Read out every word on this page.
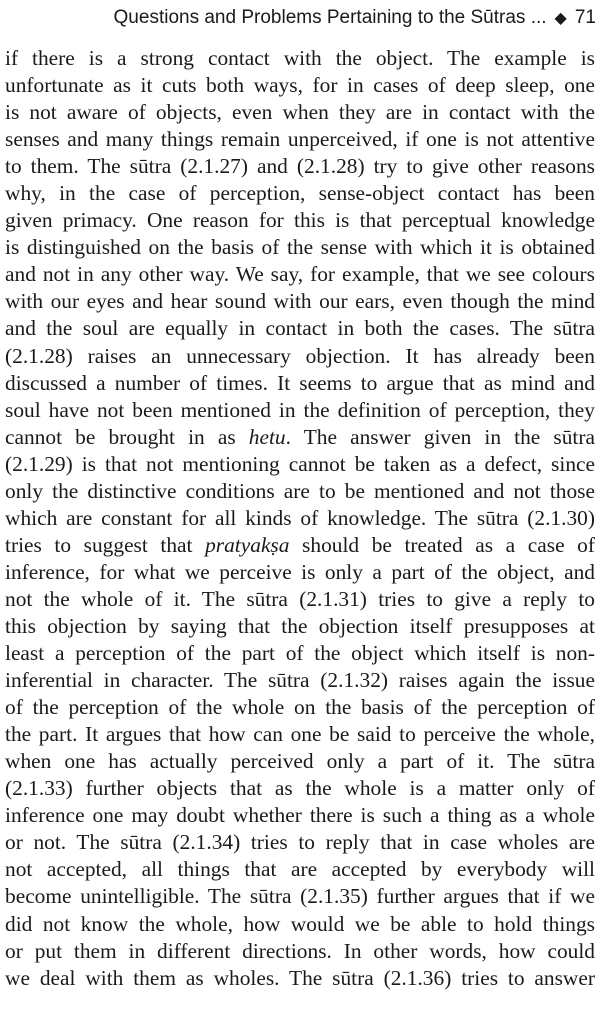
Questions and Problems Pertaining to the Sūtras ... ◆ 71
if there is a strong contact with the object. The example is
unfortunate as it cuts both ways, for in cases of deep sleep, one
is not aware of objects, even when they are in contact with the
senses and many things remain unperceived, if one is not attentive
to them. The sūtra (2.1.27) and (2.1.28) try to give other reasons
why, in the case of perception, sense-object contact has been
given primacy. One reason for this is that perceptual knowledge
is distinguished on the basis of the sense with which it is obtained
and not in any other way. We say, for example, that we see colours
with our eyes and hear sound with our ears, even though the mind
and the soul are equally in contact in both the cases. The sūtra
(2.1.28) raises an unnecessary objection. It has already been
discussed a number of times. It seems to argue that as mind and
soul have not been mentioned in the definition of perception, they
cannot be brought in as hetu. The answer given in the sūtra
(2.1.29) is that not mentioning cannot be taken as a defect, since
only the distinctive conditions are to be mentioned and not those
which are constant for all kinds of knowledge. The sūtra (2.1.30)
tries to suggest that pratyakṣa should be treated as a case of
inference, for what we perceive is only a part of the object, and
not the whole of it. The sūtra (2.1.31) tries to give a reply to
this objection by saying that the objection itself presupposes at
least a perception of the part of the object which itself is non-
inferential in character. The sūtra (2.1.32) raises again the issue
of the perception of the whole on the basis of the perception of
the part. It argues that how can one be said to perceive the whole,
when one has actually perceived only a part of it. The sūtra
(2.1.33) further objects that as the whole is a matter only of
inference one may doubt whether there is such a thing as a whole
or not. The sūtra (2.1.34) tries to reply that in case wholes are
not accepted, all things that are accepted by everybody will
become unintelligible. The sūtra (2.1.35) further argues that if we
did not know the whole, how would we be able to hold things
or put them in different directions. In other words, how could
we deal with them as wholes. The sūtra (2.1.36) tries to answer
